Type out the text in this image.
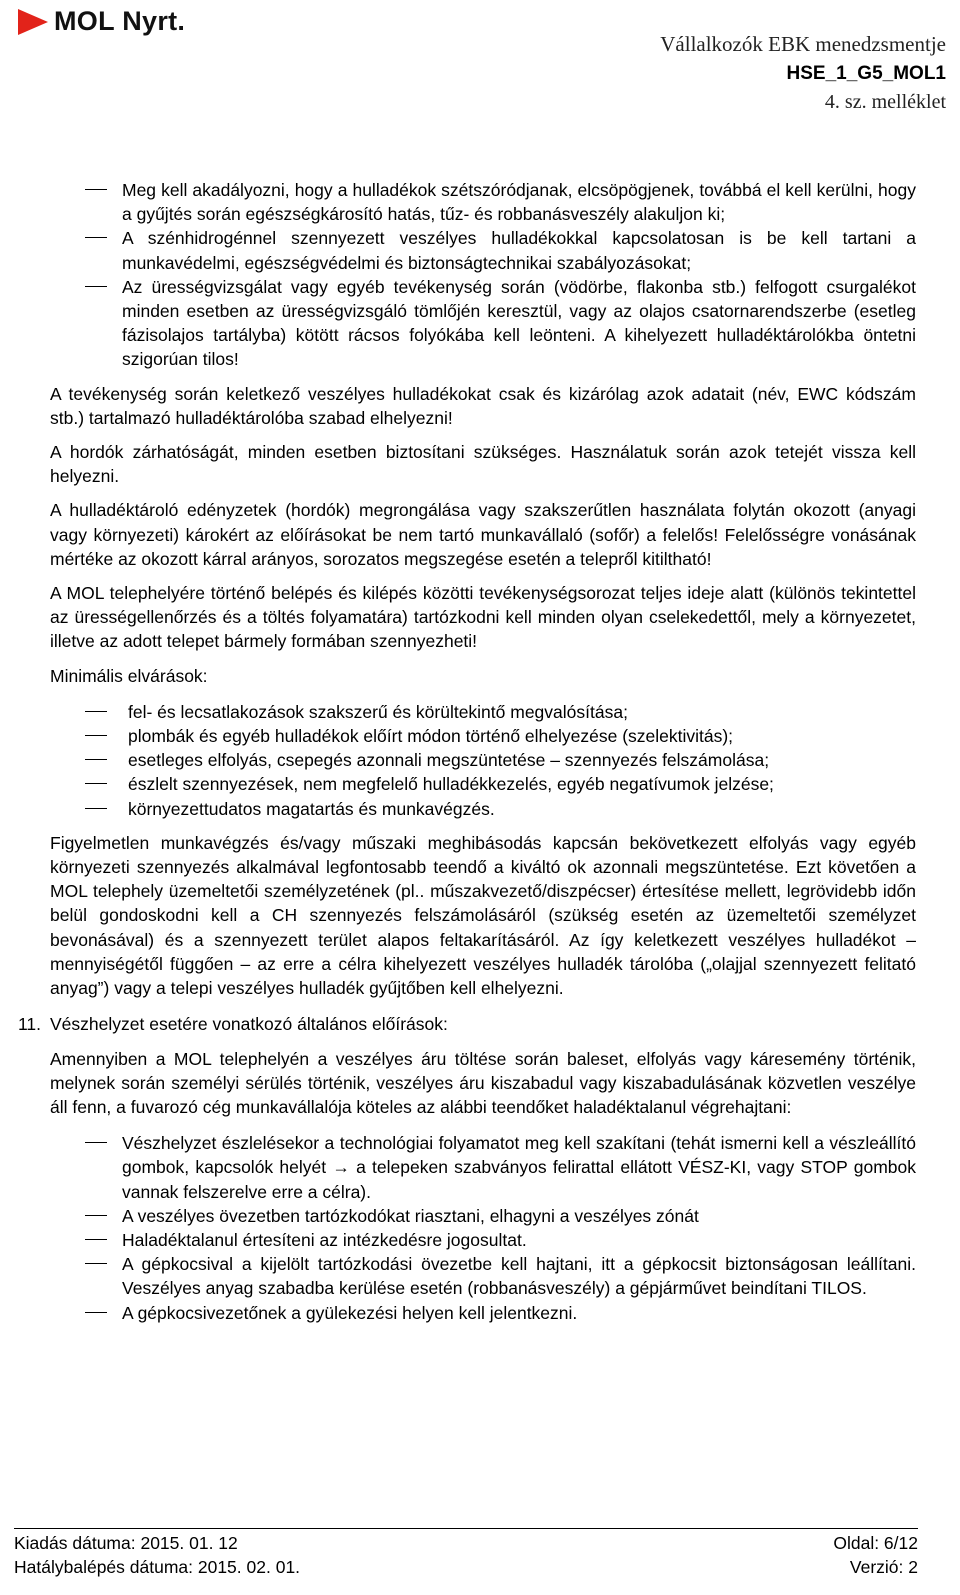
MOL Nyrt.
Vállalkozók EBK menedzsmentje
HSE_1_G5_MOL1
4. sz. melléklet
Meg kell akadályozni, hogy a hulladékok szétszóródjanak, elcsöpögjenek, továbbá el kell kerülni, hogy a gyűjtés során egészségkárosító hatás, tűz- és robbanásveszély alakuljon ki;
A szénhidrogénnel szennyezett veszélyes hulladékokkal kapcsolatosan is be kell tartani a munkavédelmi, egészségvédelmi és biztonságtechnikai szabályozásokat;
Az ürességvizsgálat vagy egyéb tevékenység során (vödörbe, flakonba stb.) felfogott csurgalékot minden esetben az ürességvizsgáló tömlőjén keresztül, vagy az olajos csatornarendszerbe (esetleg fázisolajos tartályba) kötött rácsos folyókába kell leönteni. A kihelyezett hulladéktárolókba öntetni szigorúan tilos!
A tevékenység során keletkező veszélyes hulladékokat csak és kizárólag azok adatait (név, EWC kódszám stb.) tartalmazó hulladéktárolóba szabad elhelyezni!
A hordók zárhatóságát, minden esetben biztosítani szükséges. Használatuk során azok tetejét vissza kell helyezni.
A hulladéktároló edényzetek (hordók) megrongálása vagy szakszerűtlen használata folytán okozott (anyagi vagy környezeti) károkért az előírásokat be nem tartó munkavállaló (sofőr) a felelős! Felelősségre vonásának mértéke az okozott kárral arányos, sorozatos megszegése esetén a telepről kitiltható!
A MOL telephelyére történő belépés és kilépés közötti tevékenységsorozat teljes ideje alatt (különös tekintettel az ürességellenőrzés és a töltés folyamatára) tartózkodni kell minden olyan cselekedettől, mely a környezetet, illetve az adott telepet bármely formában szennyezheti!
Minimális elvárások:
fel- és lecsatlakozások szakszerű és körültekintő megvalósítása;
plombák és egyéb hulladékok előírt módon történő elhelyezése (szelektivitás);
esetleges elfolyás, csepegés azonnali megszüntetése – szennyezés felszámolása;
észlelt szennyezések, nem megfelelő hulladékkezelés, egyéb negatívumok jelzése;
környezettudatos magatartás és munkavégzés.
Figyelmetlen munkavégzés és/vagy műszaki meghibásodás kapcsán bekövetkezett elfolyás vagy egyéb környezeti szennyezés alkalmával legfontosabb teendő a kiváltó ok azonnali megszüntetése. Ezt követően a MOL telephely üzemeltetői személyzetének (pl.. műszakvezető/diszpécser) értesítése mellett, legrövidebb időn belül gondoskodni kell a CH szennyezés felszámolásáról (szükség esetén az üzemeltetői személyzet bevonásával) és a szennyezett terület alapos feltakarításáról. Az így keletkezett veszélyes hulladékot – mennyiségétől függően – az erre a célra kihelyezett veszélyes hulladék tárolóba („olajjal szennyezett felitató anyag”) vagy a telepi veszélyes hulladék gyűjtőben kell elhelyezni.
11. Vészhelyzet esetére vonatkozó általános előírások:
Amennyiben a MOL telephelyén a veszélyes áru töltése során baleset, elfolyás vagy káresemény történik, melynek során személyi sérülés történik, veszélyes áru kiszabadul vagy kiszabadulásának közvetlen veszélye áll fenn, a fuvarozó cég munkavállalója köteles az alábbi teendőket haladéktalanul végrehajtani:
Vészhelyzet észlelésekor a technológiai folyamatot meg kell szakítani (tehát ismerni kell a vészleállító gombok, kapcsolók helyét → a telepeken szabványos felirattal ellátott VÉSZ-KI, vagy STOP gombok vannak felszerelve erre a célra).
A veszélyes övezetben tartózkodókat riasztani, elhagyni a veszélyes zónát
Haladéktalanul értesíteni az intézkedésre jogosultat.
A gépkocsival a kijelölt tartózkodási övezetbe kell hajtani, itt a gépkocsit biztonságosan leállítani. Veszélyes anyag szabadba kerülése esetén (robbanásveszély) a gépjárművet beindítani TILOS.
A gépkocsivezetőnek a gyülekezési helyen kell jelentkezni.
Kiadás dátuma: 2015. 01. 12	Oldal: 6/12
Hatálybalépés dátuma: 2015. 02. 01.	Verzió: 2
